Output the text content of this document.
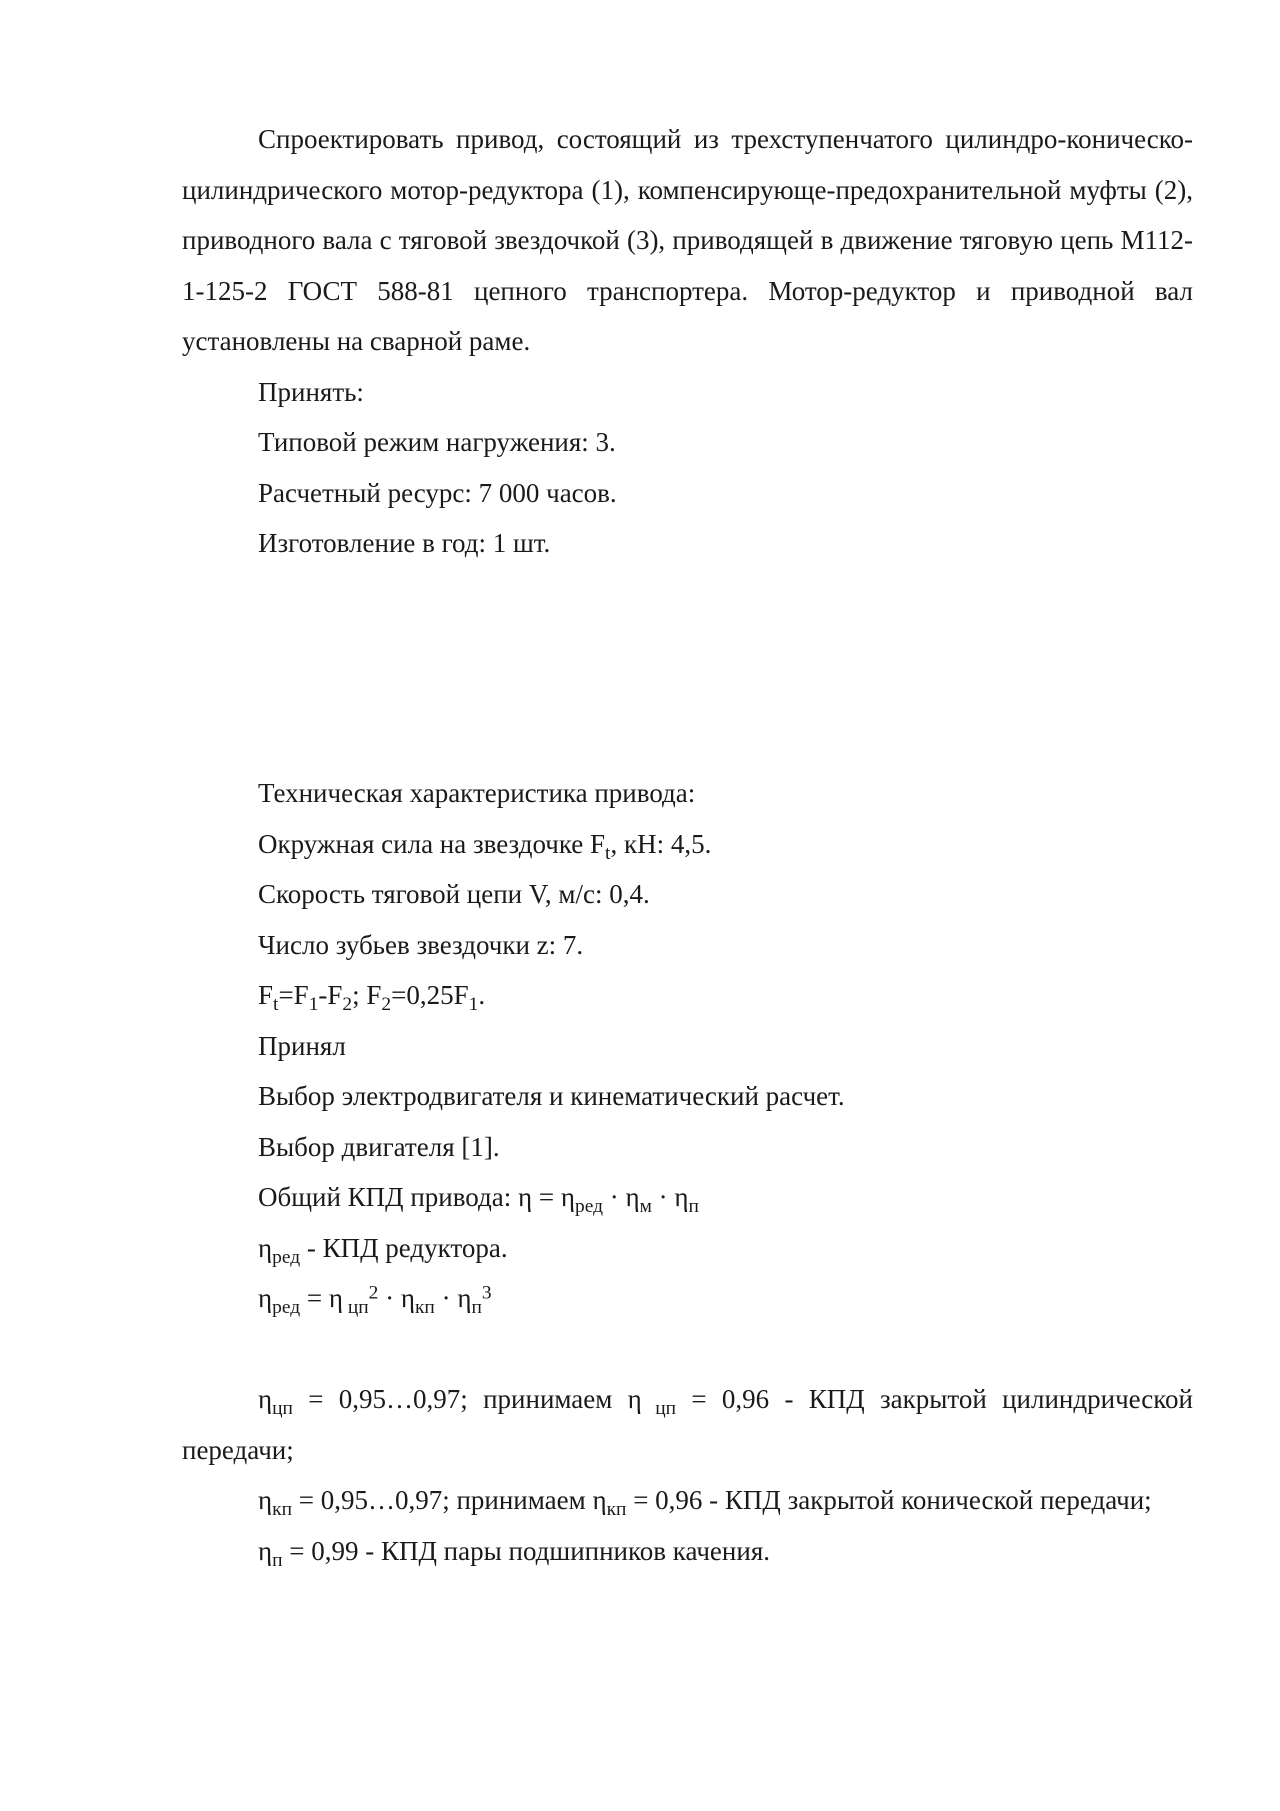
Спроектировать привод, состоящий из трехступенчатого цилиндро-коническо-цилиндрического мотор-редуктора (1), компенсирующе-предохранительной муфты (2), приводного вала с тяговой звездочкой (3), приводящей в движение тяговую цепь М112-1-125-2 ГОСТ 588-81 цепного транспортера. Мотор-редуктор и приводной вал установлены на сварной раме.

Принять:

Типовой режим нагружения: 3.

Расчетный ресурс: 7 000 часов.

Изготовление в год: 1 шт.

Техническая характеристика привода:

Окружная сила на звездочке $F_t$, кН: 4,5.

Скорость тяговой цепи V, м/с: 0,4.

Число зубьев звездочки z: 7.

$F_t=F_1-F_2$; $F_2=0,25F_1$.

Принял

Выбор электродвигателя и кинематический расчет.

Выбор двигателя [1].

Общий КПД привода: $\eta = \eta_{ред} \cdot \eta_м \cdot \eta_п$

$\eta_{ред}$ - КПД редуктора.

$\eta_{ред} = \eta$ $_{цп}^2 \cdot \eta_{кп} \cdot \eta_п^3$

$\eta_{цп}$ = 0,95…0,97; принимаем η $_{цп}$ = 0,96 - КПД закрытой цилиндрической передачи;

$\eta_{кп}$ = 0,95…0,97; принимаем $\eta_{кп} = 0,96$ - КПД закрытой конической передачи;

$\eta_п = 0,99$ - КПД пары подшипников качения.
